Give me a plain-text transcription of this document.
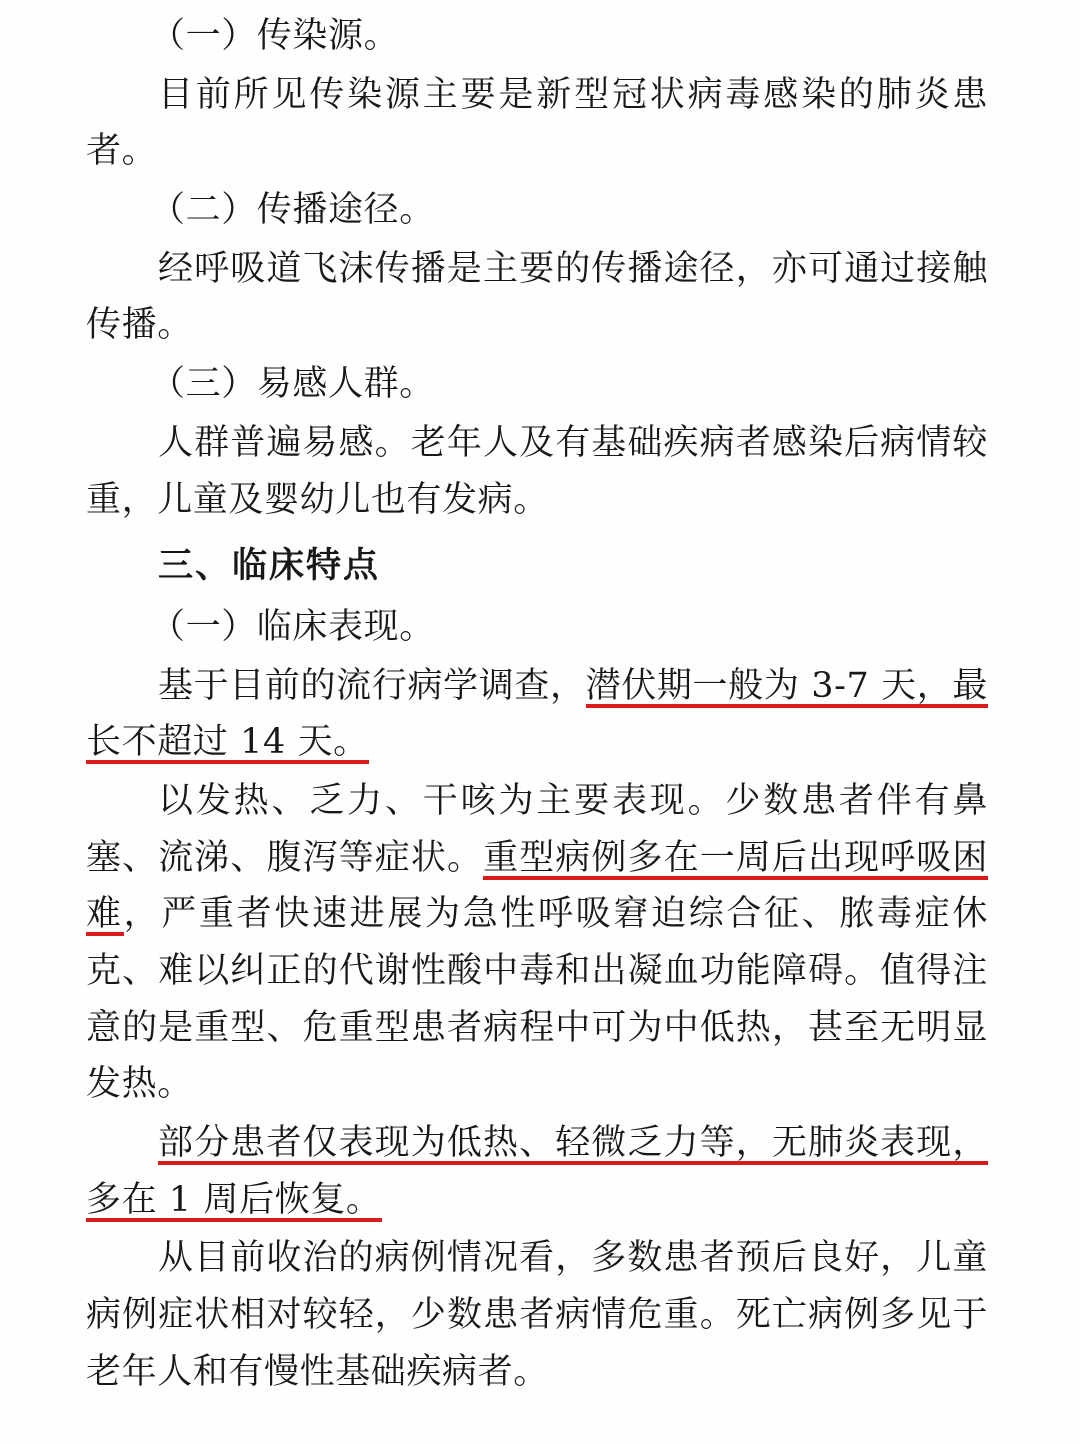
（一）传染源。

目前所见传染源主要是新型冠状病毒感染的肺炎患者。

（二）传播途径。

经呼吸道飞沫传播是主要的传播途径，亦可通过接触传播。

（三）易感人群。

人群普遍易感。老年人及有基础疾病者感染后病情较重，儿童及婴幼儿也有发病。

三、临床特点

（一）临床表现。

基于目前的流行病学调查，潜伏期一般为 3-7 天，最长不超过 14 天。

以发热、乏力、干咳为主要表现。少数患者伴有鼻塞、流涕、腹泻等症状。重型病例多在一周后出现呼吸困难，严重者快速进展为急性呼吸窘迫综合征、脓毒症休克、难以纠正的代谢性酸中毒和出凝血功能障碍。值得注意的是重型、危重型患者病程中可为中低热，甚至无明显发热。

部分患者仅表现为低热、轻微乏力等，无肺炎表现，多在 1 周后恢复。

从目前收治的病例情况看，多数患者预后良好，儿童病例症状相对较轻，少数患者病情危重。死亡病例多见于老年人和有慢性基础疾病者。
